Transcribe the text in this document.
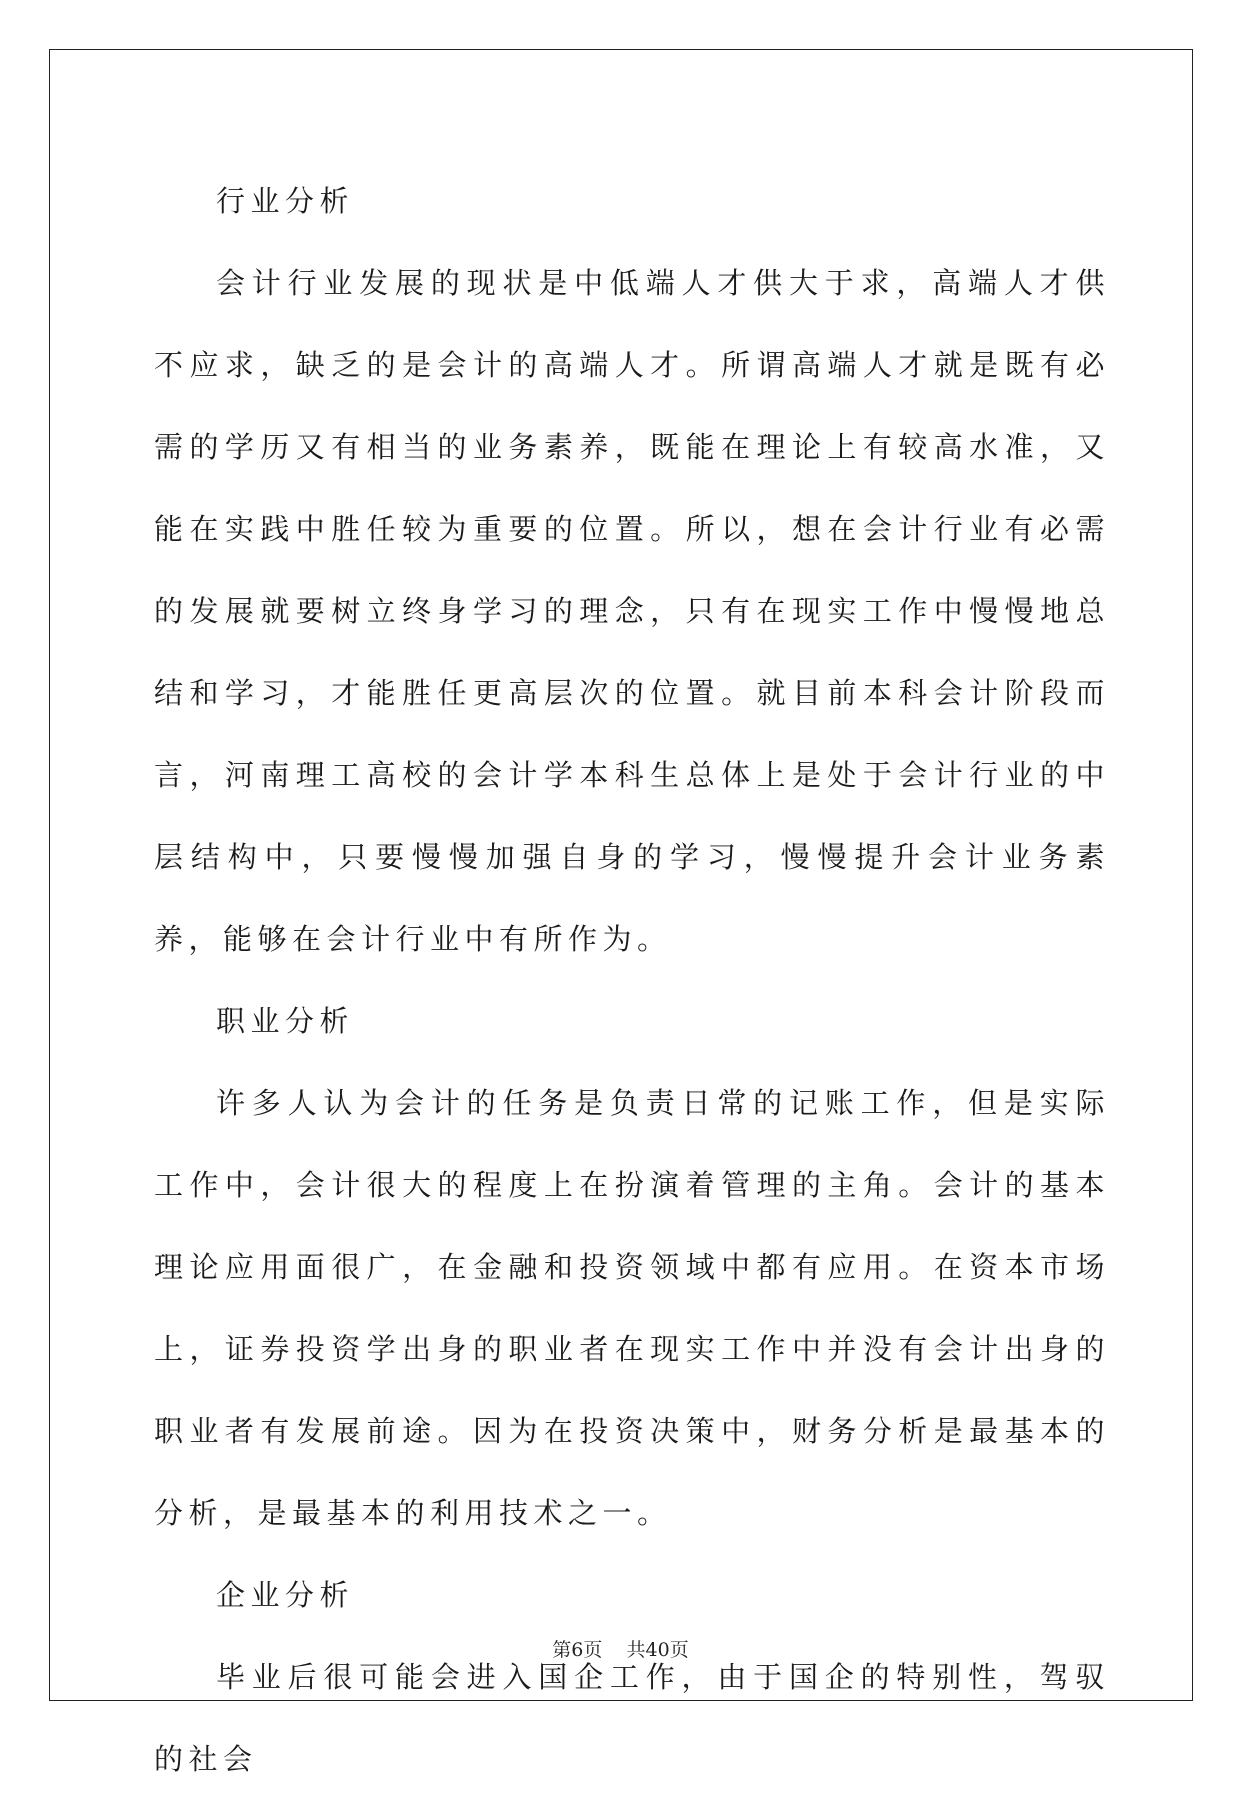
行业分析

会计行业发展的现状是中低端人才供大于求，高端人才供不应求，缺乏的是会计的高端人才。所谓高端人才就是既有必需的学历又有相当的业务素养，既能在理论上有较高水准，又能在实践中胜任较为重要的位置。所以，想在会计行业有必需的发展就要树立终身学习的理念，只有在现实工作中慢慢地总结和学习，才能胜任更高层次的位置。就目前本科会计阶段而言，河南理工高校的会计学本科生总体上是处于会计行业的中层结构中，只要慢慢加强自身的学习，慢慢提升会计业务素养，能够在会计行业中有所作为。

职业分析

许多人认为会计的任务是负责日常的记账工作，但是实际工作中，会计很大的程度上在扮演着管理的主角。会计的基本理论应用面很广，在金融和投资领域中都有应用。在资本市场上，证券投资学出身的职业者在现实工作中并没有会计出身的职业者有发展前途。因为在投资决策中，财务分析是最基本的分析，是最基本的利用技术之一。

企业分析

毕业后很可能会进入国企工作，由于国企的特别性，驾驭的社会

第6页 共40页
